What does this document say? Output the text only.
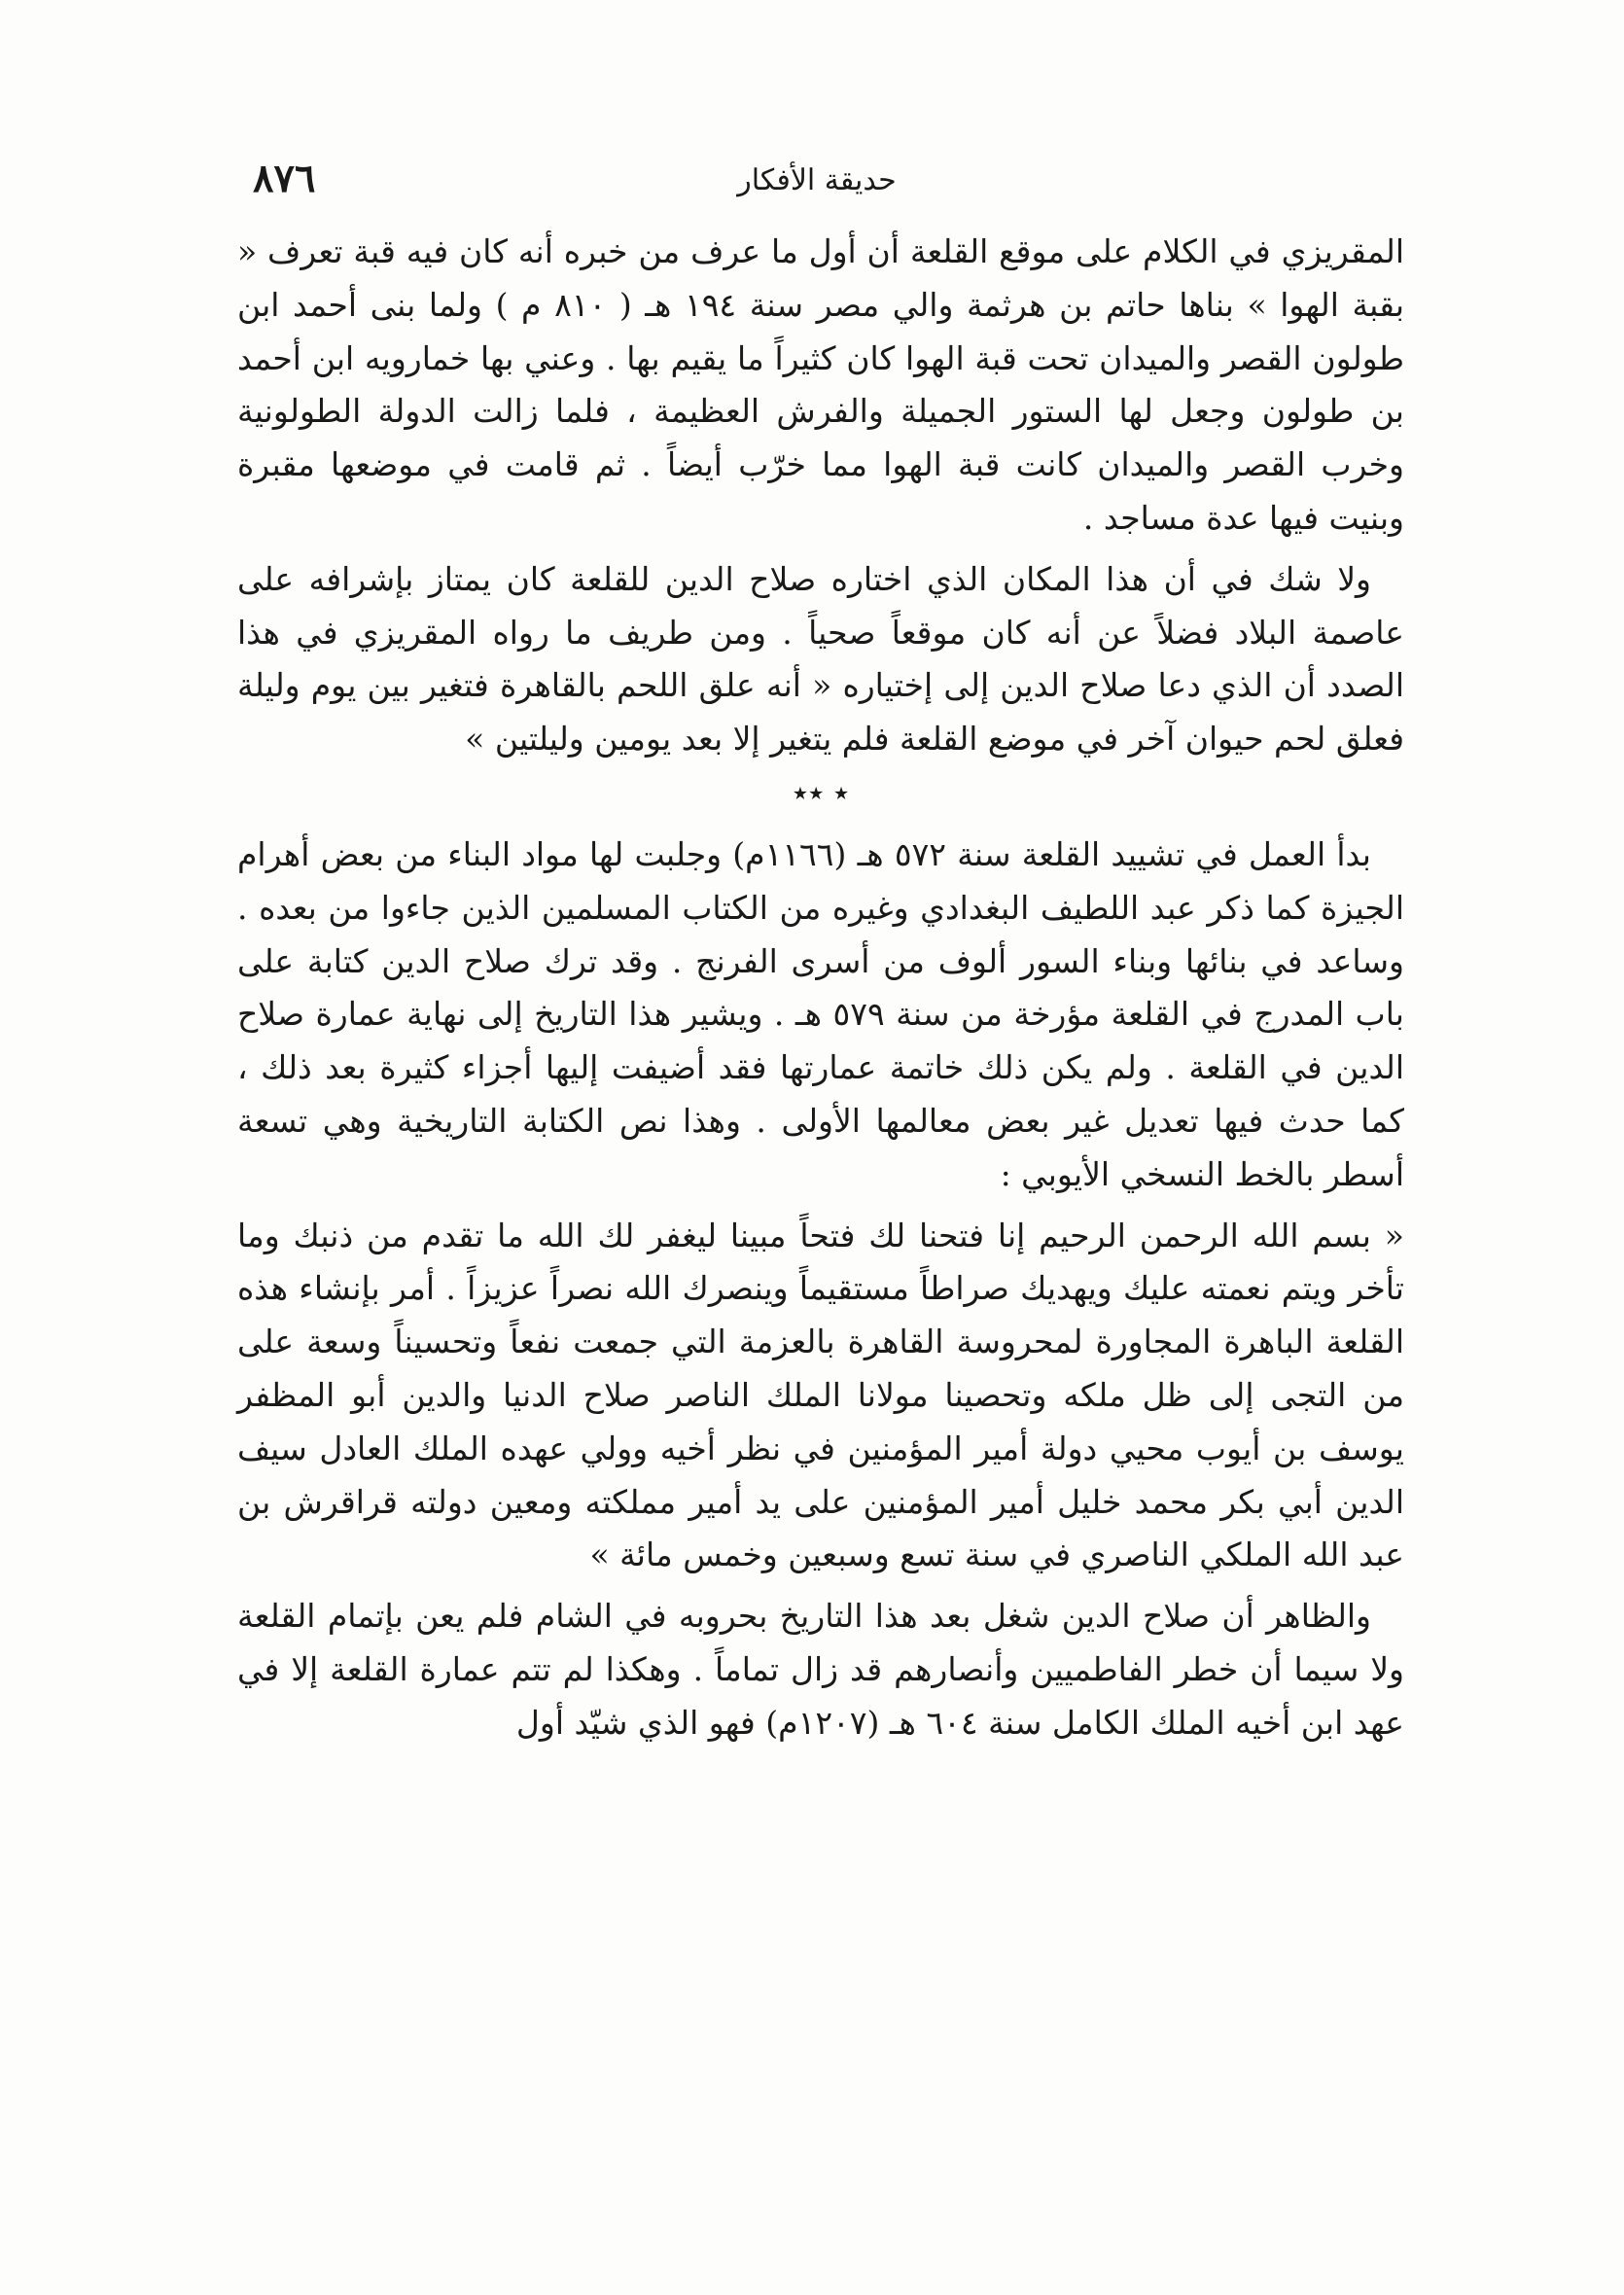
٨٧٦	حديقة الأفكار

المقريزي في الكلام على موقع القلعة أن أول ما عرف من خبره أنه كان فيه قبة تعرف « بقبة الهوا » بناها حاتم بن هرثمة والي مصر سنة ١٩٤ هـ ( ٨١٠ م ) ولما بنى أحمد ابن طولون القصر والميدان تحت قبة الهوا كان كثيراً ما يقيم بها . وعني بها خمارويه ابن أحمد بن طولون وجعل لها الستور الجميلة والفرش العظيمة ، فلما زالت الدولة الطولونية وخرب القصر والميدان كانت قبة الهوا مما خرّب أيضاً . ثم قامت في موضعها مقبرة وبنيت فيها عدة مساجد .

ولا شك في أن هذا المكان الذي اختاره صلاح الدين للقلعة كان يمتاز بإشرافه على عاصمة البلاد فضلاً عن أنه كان موقعاً صحياً . ومن طريف ما رواه المقريزي في هذا الصدد أن الذي دعا صلاح الدين إلى إختياره « أنه علق اللحم بالقاهرة فتغير بين يوم وليلة فعلق لحم حيوان آخر في موضع القلعة فلم يتغير إلا بعد يومين وليلتين »

٭ ٭٭

بدأ العمل في تشييد القلعة سنة ٥٧٢ هـ (١١٦٦م) وجلبت لها مواد البناء من بعض أهرام الجيزة كما ذكر عبد اللطيف البغدادي وغيره من الكتاب المسلمين الذين جاءوا من بعده . وساعد في بنائها وبناء السور ألوف من أسرى الفرنج . وقد ترك صلاح الدين كتابة على باب المدرج في القلعة مؤرخة من سنة ٥٧٩ هـ . ويشير هذا التاريخ إلى نهاية عمارة صلاح الدين في القلعة . ولم يكن ذلك خاتمة عمارتها فقد أضيفت إليها أجزاء كثيرة بعد ذلك ، كما حدث فيها تعديل غير بعض معالمها الأولى . وهذا نص الكتابة التاريخية وهي تسعة أسطر بالخط النسخي الأيوبي :

« بسم الله الرحمن الرحيم إنا فتحنا لك فتحاً مبينا ليغفر لك الله ما تقدم من ذنبك وما تأخر ويتم نعمته عليك ويهديك صراطاً مستقيماً وينصرك الله نصراً عزيزاً . أمر بإنشاء هذه القلعة الباهرة المجاورة لمحروسة القاهرة بالعزمة التي جمعت نفعاً وتحسيناً وسعة على من التجى إلى ظل ملكه وتحصينا مولانا الملك الناصر صلاح الدنيا والدين أبو المظفر يوسف بن أيوب محيي دولة أمير المؤمنين في نظر أخيه وولي عهده الملك العادل سيف الدين أبي بكر محمد خليل أمير المؤمنين على يد أمير مملكته ومعين دولته قراقرش بن عبد الله الملكي الناصري في سنة تسع وسبعين وخمس مائة »

والظاهر أن صلاح الدين شغل بعد هذا التاريخ بحروبه في الشام فلم يعن بإتمام القلعة ولا سيما أن خطر الفاطميين وأنصارهم قد زال تماماً . وهكذا لم تتم عمارة القلعة إلا في عهد ابن أخيه الملك الكامل سنة ٦٠٤ هـ (١٢٠٧م) فهو الذي شيّد أول
